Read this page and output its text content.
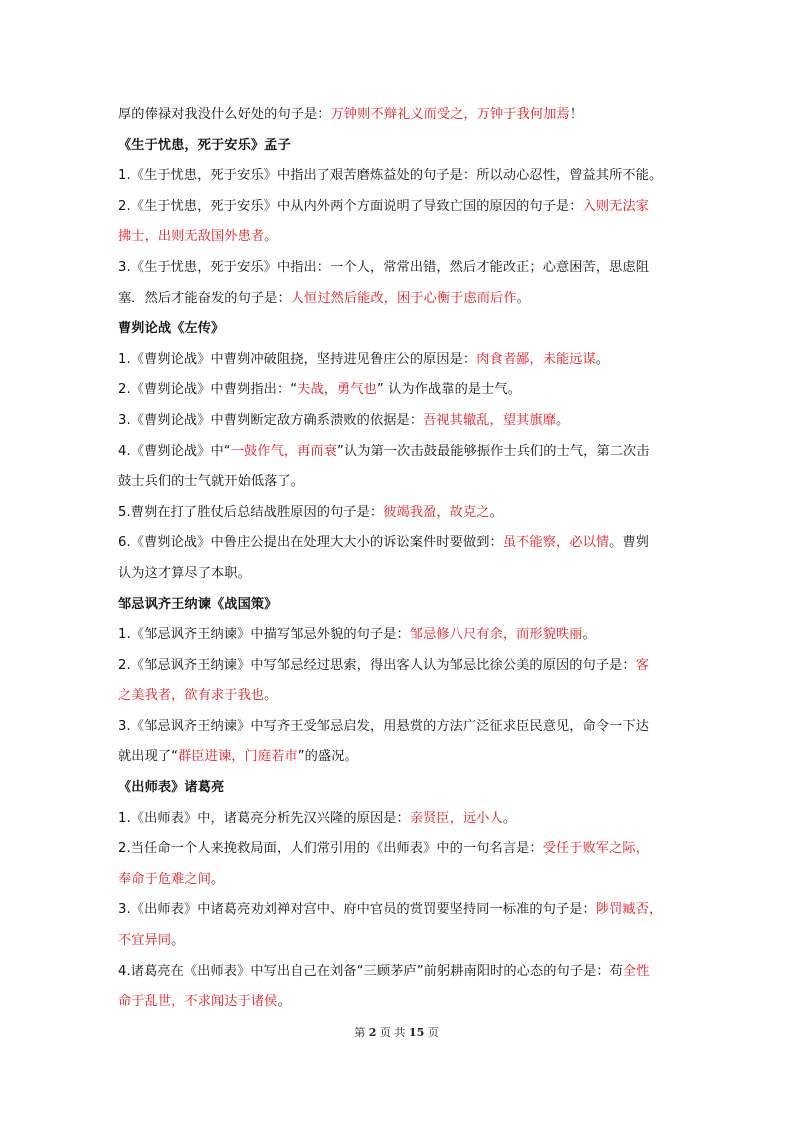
厚的俸禄对我没什么好处的句子是：万钟则不辩礼义而受之，万钟于我何加焉！
《生于忧患，死于安乐》孟子
1.《生于忧患，死于安乐》中指出了艰苦磨炼益处的句子是：所以动心忍性，曾益其所不能。
2.《生于忧患，死于安乐》中从内外两个方面说明了导致亡国的原因的句子是：入则无法家
拂士，出则无敌国外患者。
3.《生于忧患，死于安乐》中指出：一个人，常常出错，然后才能改正；心意困苦，思虑阻
塞．然后才能奋发的句子是：人恒过然后能改，困于心衡于虑而后作。
曹刿论战《左传》
1.《曹刿论战》中曹刿冲破阻挠，坚持进见鲁庄公的原因是：肉食者鄙，未能远谋。
2.《曹刿论战》中曹刿指出：“夫战，勇气也” 认为作战靠的是士气。
3.《曹刿论战》中曹刿断定敌方确系溃败的依据是：吾视其辙乱，望其旗靡。
4.《曹刿论战》中“一鼓作气，再而衰”认为第一次击鼓最能够振作士兵们的士气，第二次击
鼓士兵们的士气就开始低落了。
5.曹刿在打了胜仗后总结战胜原因的句子是：彼竭我盈，故克之。
6.《曹刿论战》中鲁庄公提出在处理大大小的诉讼案件时要做到：虽不能察，必以情。曹刿
认为这才算尽了本职。
邹忌讽齐王纳谏《战国策》
1.《邹忌讽齐王纳谏》中描写邹忌外貌的句子是：邹忌修八尺有余，而形貌昳丽。
2.《邹忌讽齐王纳谏》中写邹忌经过思索，得出客人认为邹忌比徐公美的原因的句子是：客
之美我者，欲有求于我也。
3.《邹忌讽齐王纳谏》中写齐王受邹忌启发，用悬赏的方法广泛征求臣民意见，命令一下达
就出现了“群臣进谏，门庭若市”的盛况。
《出师表》诸葛亮
1.《出师表》中，诸葛亮分析先汉兴隆的原因是：亲贤臣，远小人。
2.当任命一个人来挽救局面，人们常引用的《出师表》中的一句名言是：受任于败军之际，
奉命于危难之间。
3.《出师表》中诸葛亮劝刘禅对宫中、府中官员的赏罚要坚持同一标准的句子是：陟罚臧否，
不宜异同。
4.诸葛亮在《出师表》中写出自己在刘备“三顾茅庐”前躬耕南阳时的心态的句子是：苟全性
命于乱世，不求闻达于诸侯。
第 2 页 共 15 页
